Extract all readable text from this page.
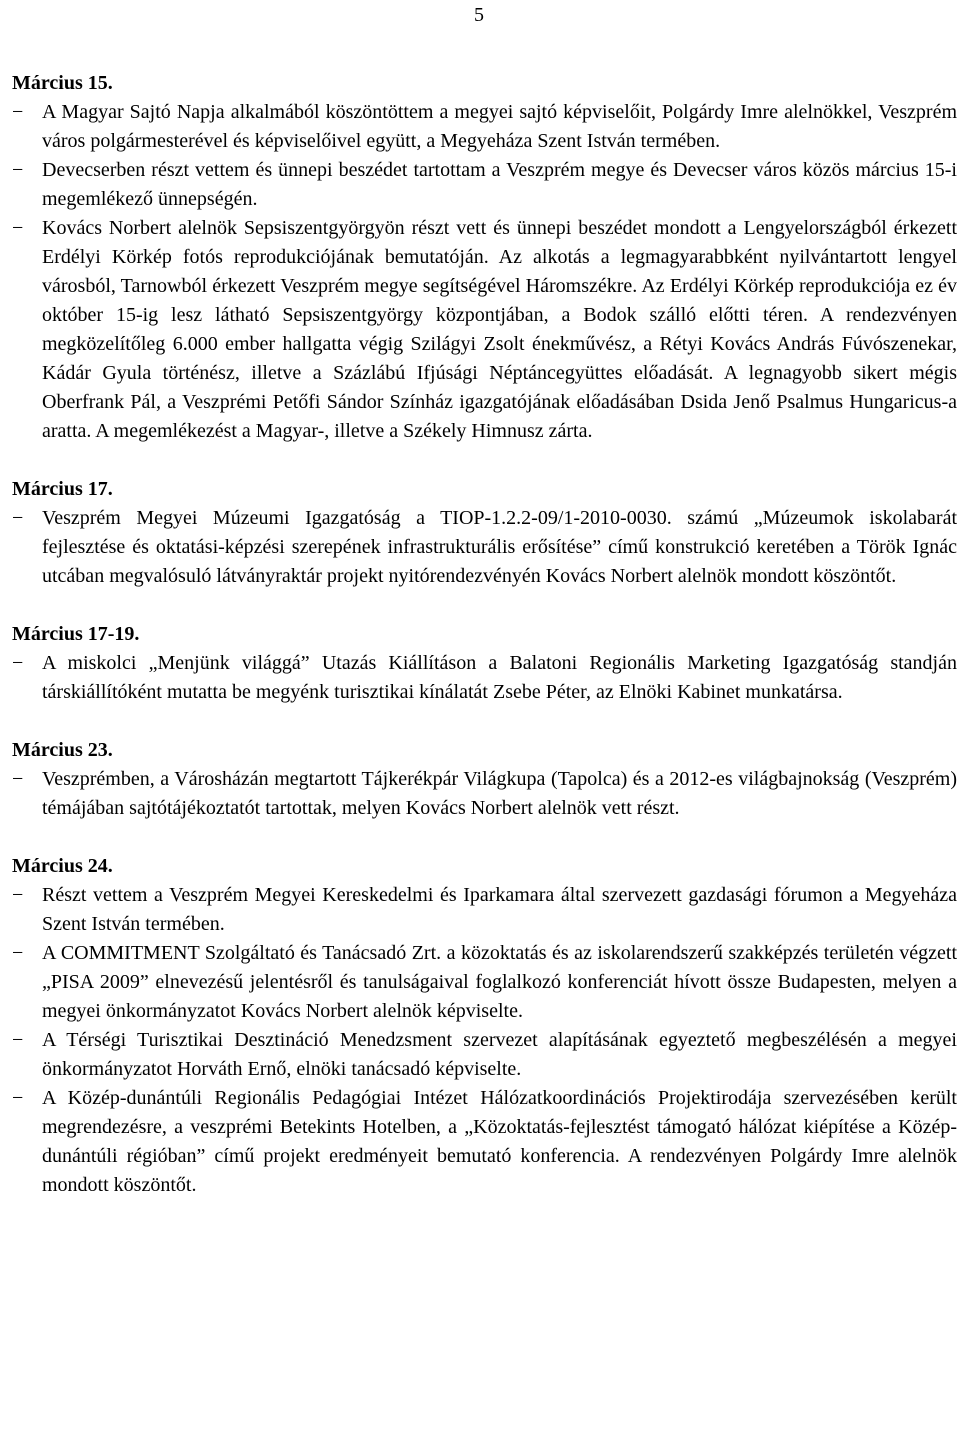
5
Március 15.
− A Magyar Sajtó Napja alkalmából köszöntöttem a megyei sajtó képviselőit, Polgárdy Imre alelnökkel, Veszprém város polgármesterével és képviselőivel együtt, a Megyeháza Szent István termében.
− Devecserben részt vettem és ünnepi beszédet tartottam a Veszprém megye és Devecser város közös március 15-i megemlékező ünnepségén.
− Kovács Norbert alelnök Sepsiszentgyörgyön részt vett és ünnepi beszédet mondott a Lengyelországból érkezett Erdélyi Körkép fotós reprodukciójának bemutatóján. Az alkotás a legmagyarabbként nyilvántartott lengyel városból, Tarnowból érkezett Veszprém megye segítségével Háromszékre. Az Erdélyi Körkép reprodukciója ez év október 15-ig lesz látható Sepsiszentgyörgy központjában, a Bodok szálló előtti téren. A rendezvényen megközelítőleg 6.000 ember hallgatta végig Szilágyi Zsolt énekművész, a Rétyi Kovács András Fúvószenekar, Kádár Gyula történész, illetve a Százlábú Ifjúsági Néptáncegyüttes előadását. A legnagyobb sikert mégis Oberfrank Pál, a Veszprémi Petőfi Sándor Színház igazgatójának előadásában Dsida Jenő Psalmus Hungaricus-a aratta. A megemlékezést a Magyar-, illetve a Székely Himnusz zárta.
Március 17.
− Veszprém Megyei Múzeumi Igazgatóság a TIOP-1.2.2-09/1-2010-0030. számú „Múzeumok iskolabarát fejlesztése és oktatási-képzési szerepének infrastrukturális erősítése” című konstrukció keretében a Török Ignác utcában megvalósuló látványraktár projekt nyitórendezvényén Kovács Norbert alelnök mondott köszöntőt.
Március 17-19.
− A miskolci „Menjünk világgá” Utazás Kiállításon a Balatoni Regionális Marketing Igazgatóság standján társkiállítóként mutatta be megyénk turisztikai kínálatát Zsebe Péter, az Elnöki Kabinet munkatársa.
Március 23.
− Veszprémben, a Városházán megtartott Tájkerékpár Világkupa (Tapolca) és a 2012-es világbajnokság (Veszprém) témájában sajtótájékoztatót tartottak, melyen Kovács Norbert alelnök vett részt.
Március 24.
− Részt vettem a Veszprém Megyei Kereskedelmi és Iparkamara által szervezett gazdasági fórumon a Megyeháza Szent István termében.
− A COMMITMENT Szolgáltató és Tanácsadó Zrt. a közoktatás és az iskolarendszerű szakképzés területén végzett „PISA 2009” elnevezésű jelentésről és tanulságaival foglalkozó konferenciát hívott össze Budapesten, melyen a megyei önkormányzatot Kovács Norbert alelnök képviselte.
− A Térségi Turisztikai Desztináció Menedzsment szervezet alapításának egyeztető megbeszélésén a megyei önkormányzatot Horváth Ernő, elnöki tanácsadó képviselte.
− A Közép-dunántúli Regionális Pedagógiai Intézet Hálózatkoordinációs Projektirodája szervezésében került megrendezésre, a veszprémi Betekints Hotelben, a „Közoktatás-fejlesztést támogató hálózat kiépítése a Közép-dunántúli régióban” című projekt eredményeit bemutató konferencia. A rendezvényen Polgárdy Imre alelnök mondott köszöntőt.
